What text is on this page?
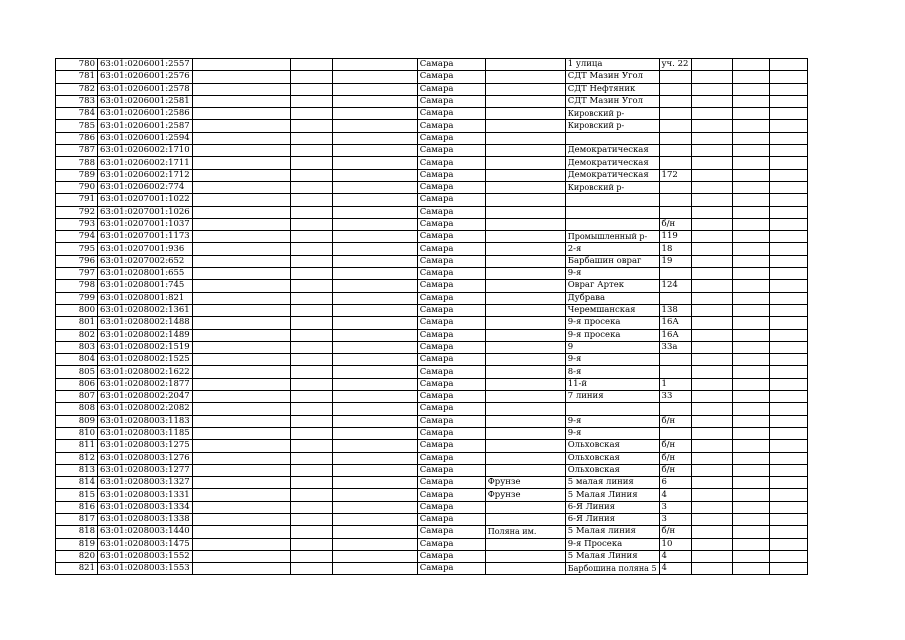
780	63:01:0206001:2557				Самара		1 улица	уч. 22			
781	63:01:0206001:2576				Самара		СДТ Мазин Угол				
782	63:01:0206001:2578				Самара		СДТ Нефтяник				
783	63:01:0206001:2581				Самара		СДТ Мазин Угол				
784	63:01:0206001:2586				Самара		Кировский р-				
785	63:01:0206001:2587				Самара		Кировский р-				
786	63:01:0206001:2594				Самара						
787	63:01:0206002:1710				Самара		Демократическая				
788	63:01:0206002:1711				Самара		Демократическая				
789	63:01:0206002:1712				Самара		Демократическая	172			
790	63:01:0206002:774				Самара		Кировский р-				
791	63:01:0207001:1022				Самара						
792	63:01:0207001:1026				Самара						
793	63:01:0207001:1037				Самара			б/н			
794	63:01:0207001:1173				Самара		Промышленный р-	119			
795	63:01:0207001:936				Самара		2-я	18			
796	63:01:0207002:652				Самара		Барбашин овраг	19			
797	63:01:0208001:655				Самара		9-я				
798	63:01:0208001:745				Самара		Овраг Артек	124			
799	63:01:0208001:821				Самара		Дубрава				
800	63:01:0208002:1361				Самара		Черемшанская	138			
801	63:01:0208002:1488				Самара		9-я просека	16А			
802	63:01:0208002:1489				Самара		9-я просека	16А			
803	63:01:0208002:1519				Самара		9	33а			
804	63:01:0208002:1525				Самара		9-я				
805	63:01:0208002:1622				Самара		8-я				
806	63:01:0208002:1877				Самара		11-й	1			
807	63:01:0208002:2047				Самара		7 линия	33			
808	63:01:0208002:2082				Самара						
809	63:01:0208003:1183				Самара		9-я	б/н			
810	63:01:0208003:1185				Самара		9-я				
811	63:01:0208003:1275				Самара		Ольховская	б/н			
812	63:01:0208003:1276				Самара		Ольховская	б/н			
813	63:01:0208003:1277				Самара		Ольховская	б/н			
814	63:01:0208003:1327				Самара	Фрунзе	5 малая линия	6			
815	63:01:0208003:1331				Самара	Фрунзе	5 Малая Линия	4			
816	63:01:0208003:1334				Самара		6-Я Линия	3			
817	63:01:0208003:1338				Самара		6-Я Линия	3			
818	63:01:0208003:1440				Самара	Поляна им.	5 Малая линия	б/н			
819	63:01:0208003:1475				Самара		9-я Просека	10			
820	63:01:0208003:1552				Самара		5 Малая Линия	4			
821	63:01:0208003:1553				Самара		Барбошина поляна 5	4			
